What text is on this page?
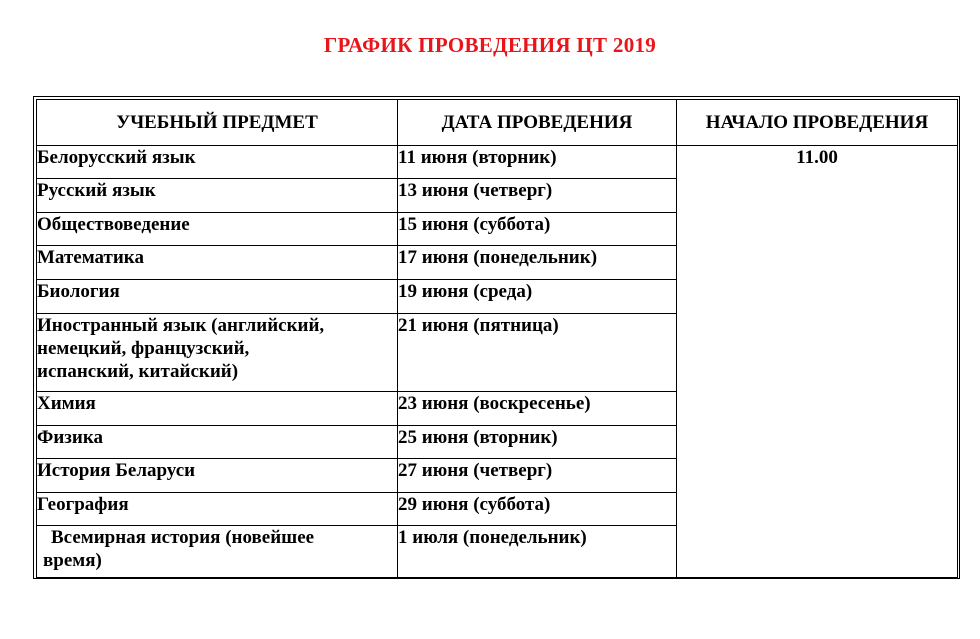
ГРАФИК ПРОВЕДЕНИЯ ЦТ 2019
УЧЕБНЫЙ ПРЕДМЕТ	ДАТА ПРОВЕДЕНИЯ	НАЧАЛО ПРОВЕДЕНИЯ
Белорусский язык	11 июня (вторник)	11.00
Русский язык	13 июня (четверг)	
Обществоведение	15 июня (суббота)	
Математика	17 июня (понедельник)	
Биология	19 июня (среда)	

Иностранный язык (английский,
немецкий, французский,
испанский, китайский)	21 июня (пятница)	
Химия	23 июня (воскресенье)	
Физика	25 июня (вторник)	
История Беларуси	27 июня (четверг)	
География	29 июня (суббота)	

Всемирная история (новейшее
время)	1 июля (понедельник)	
